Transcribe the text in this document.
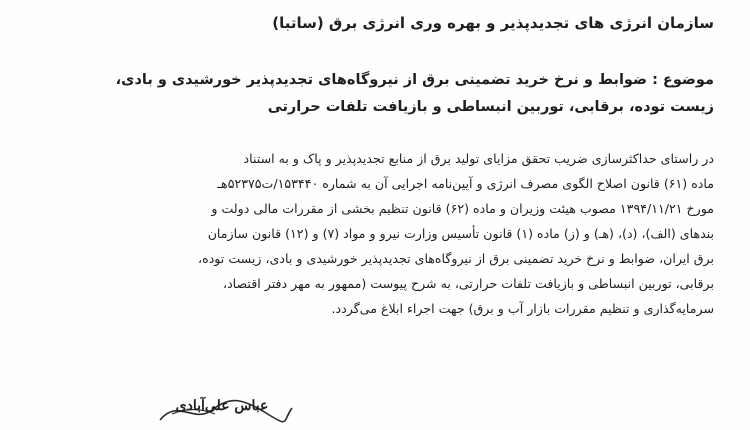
سازمان انرژی های تجدیدپذیر و بهره وری انرژی برق (ساتبا)
موضوع : ضوابط و نرخ خرید تضمینی برق از نیروگاه‌های تجدیدپذیر خورشیدی و بادی،
زیست توده، برقابی، توربین انبساطی و بازیافت تلفات حرارتی
در راستای حداکثرسازی ضریب تحقق مزایای تولید برق از منابع تجدیدپذیر و پاک و به استناد
ماده (۶۱) قانون اصلاح الگوی مصرف انرژی و آیین‌نامه اجرایی آن به شماره ۱۵۳۴۴۰/ت۵۲۳۷۵هـ
مورخ ۱۳۹۴/۱۱/۲۱ مصوب هیئت وزیران و ماده (۶۲) قانون تنظیم بخشی از مقررات مالی دولت و
بندهای (الف)، (د)، (هـ) و (ز) ماده (۱) قانون تأسیس وزارت نیرو و مواد (۷) و (۱۲) قانون سازمان
برق ایران، ضوابط و نرخ خرید تضمینی برق از نیروگاه‌های تجدیدپذیر خورشیدی و بادی، زیست توده،
برقابی، توربین انبساطی و بازیافت تلفات حرارتی، به شرح پیوست (ممهور به مهر دفتر اقتصاد،
سرمایه‌گذاری و تنظیم مقررات بازار آب و برق) جهت اجراء ابلاغ می‌گردد.
عباس علی‌آبادی
